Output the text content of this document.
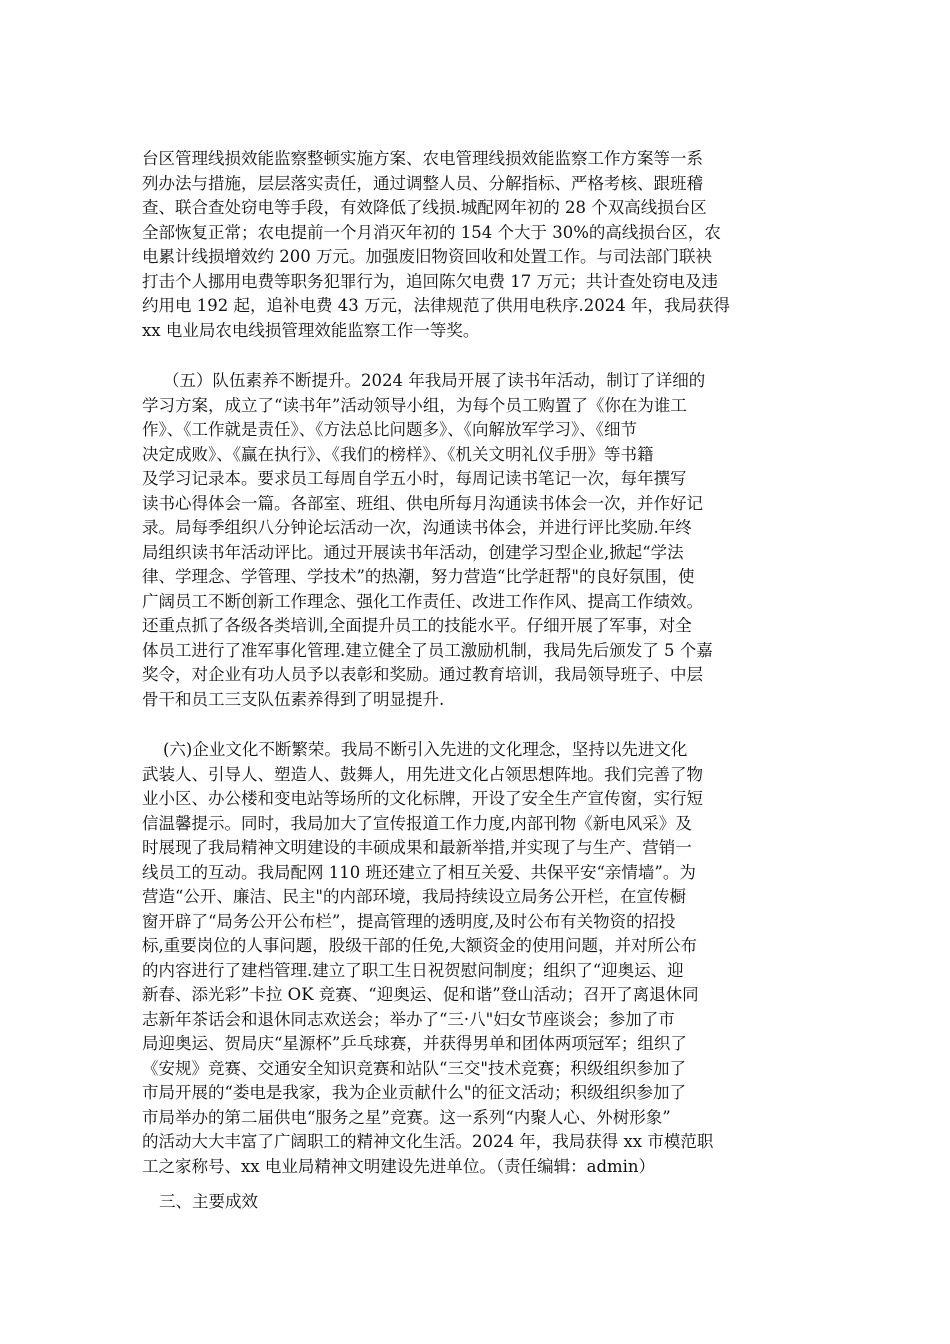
台区管理线损效能监察整顿实施方案、农电管理线损效能监察工作方案等一系
列办法与措施，层层落实责任，通过调整人员、分解指标、严格考核、跟班稽
查、联合查处窃电等手段，有效降低了线损.城配网年初的 28 个双高线损台区
全部恢复正常；农电提前一个月消灭年初的 154 个大于 30%的高线损台区，农
电累计线损增效约 200 万元。加强废旧物资回收和处置工作。与司法部门联袂
打击个人挪用电费等职务犯罪行为，追回陈欠电费 17 万元；共计查处窃电及违
约用电 192 起，追补电费 43 万元，法律规范了供用电秩序.2024 年，我局获得
xx 电业局农电线损管理效能监察工作一等奖。
（五）队伍素养不断提升。2024 年我局开展了读书年活动，制订了详细的
学习方案，成立了“读书年”活动领导小组，为每个员工购置了《你在为谁工
作》、《工作就是责任》、《方法总比问题多》、《向解放军学习》、《细节
决定成败》、《赢在执行》、《我们的榜样》、《机关文明礼仪手册》等书籍
及学习记录本。要求员工每周自学五小时，每周记读书笔记一次，每年撰写
读书心得体会一篇。各部室、班组、供电所每月沟通读书体会一次，并作好记
录。局每季组织八分钟论坛活动一次，沟通读书体会，并进行评比奖励.年终
局组织读书年活动评比。通过开展读书年活动，创建学习型企业,掀起“学法
律、学理念、学管理、学技术”的热潮，努力营造“比学赶帮"的良好氛围，使
广阔员工不断创新工作理念、强化工作责任、改进工作作风、提高工作绩效。
还重点抓了各级各类培训,全面提升员工的技能水平。仔细开展了军事，对全
体员工进行了准军事化管理.建立健全了员工激励机制，我局先后颁发了 5 个嘉
奖令，对企业有功人员予以表彰和奖励。通过教育培训，我局领导班子、中层
骨干和员工三支队伍素养得到了明显提升.
(六)企业文化不断繁荣。我局不断引入先进的文化理念，坚持以先进文化
武装人、引导人、塑造人、鼓舞人，用先进文化占领思想阵地。我们完善了物
业小区、办公楼和变电站等场所的文化标牌，开设了安全生产宣传窗，实行短
信温馨提示。同时，我局加大了宣传报道工作力度,内部刊物《新电风采》及
时展现了我局精神文明建设的丰硕成果和最新举措,并实现了与生产、营销一
线员工的互动。我局配网 110 班还建立了相互关爱、共保平安“亲情墙”。为
营造“公开、廉洁、民主"的内部环境，我局持续设立局务公开栏，在宣传橱
窗开辟了“局务公开公布栏”，提高管理的透明度,及时公布有关物资的招投
标,重要岗位的人事问题，股级干部的任免,大额资金的使用问题，并对所公布
的内容进行了建档管理.建立了职工生日祝贺慰问制度；组织了“迎奥运、迎
新春、添光彩”卡拉 OK 竞赛、“迎奥运、促和谐”登山活动；召开了离退休同
志新年茶话会和退休同志欢送会；举办了“三·八"妇女节座谈会；参加了市
局迎奥运、贺局庆“星源杯”乒乓球赛，并获得男单和团体两项冠军；组织了
《安规》竞赛、交通安全知识竞赛和站队“三交"技术竞赛；积级组织参加了
市局开展的“娄电是我家，我为企业贡献什么"的征文活动；积级组织参加了
市局举办的第二届供电“服务之星”竞赛。这一系列“内聚人心、外树形象”
的活动大大丰富了广阔职工的精神文化生活。2024 年，我局获得 xx 市模范职
工之家称号、xx 电业局精神文明建设先进单位。（责任编辑：admin）
三、主要成效
